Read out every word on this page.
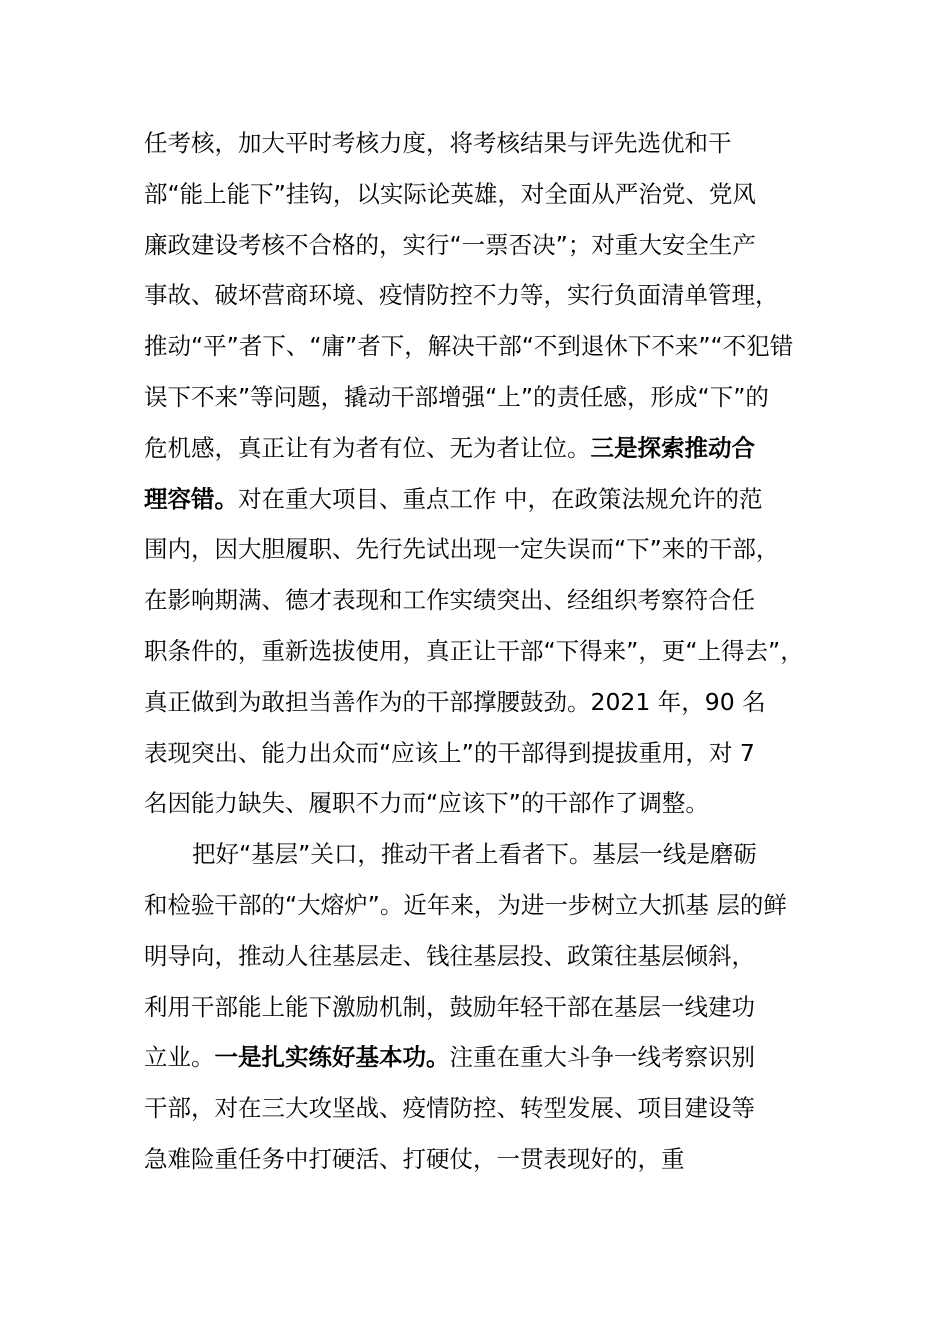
任考核，加大平时考核力度，将考核结果与评先选优和干
部“能上能下”挂钩，以实际论英雄，对全面从严治党、党风
廉政建设考核不合格的，实行“一票否决”；对重大安全生产
事故、破坏营商环境、疫情防控不力等，实行负面清单管理，
推动“平”者下、“庸”者下，解决干部“不到退休下不来”“不犯错
误下不来”等问题，撬动干部增强“上”的责任感，形成“下”的
危机感，真正让有为者有位、无为者让位。三是探索推动合
理容错。对在重大项目、重点工作 中，在政策法规允许的范
围内，因大胆履职、先行先试出现一定失误而“下”来的干部，
在影响期满、德才表现和工作实绩突出、经组织考察符合任
职条件的，重新选拔使用，真正让干部“下得来”，更“上得去”，
真正做到为敢担当善作为的干部撑腰鼓劲。2021 年，90 名
表现突出、能力出众而“应该上”的干部得到提拔重用，对 7
名因能力缺失、履职不力而“应该下”的干部作了调整。
把好“基层”关口，推动干者上看者下。基层一线是磨砺
和检验干部的“大熔炉”。近年来，为进一步树立大抓基 层的鲜
明导向，推动人往基层走、钱往基层投、政策往基层倾斜，
利用干部能上能下激励机制，鼓励年轻干部在基层一线建功
立业。一是扎实练好基本功。注重在重大斗争一线考察识别
干部，对在三大攻坚战、疫情防控、转型发展、项目建设等
急难险重任务中打硬活、打硬仗，一贯表现好的，重
